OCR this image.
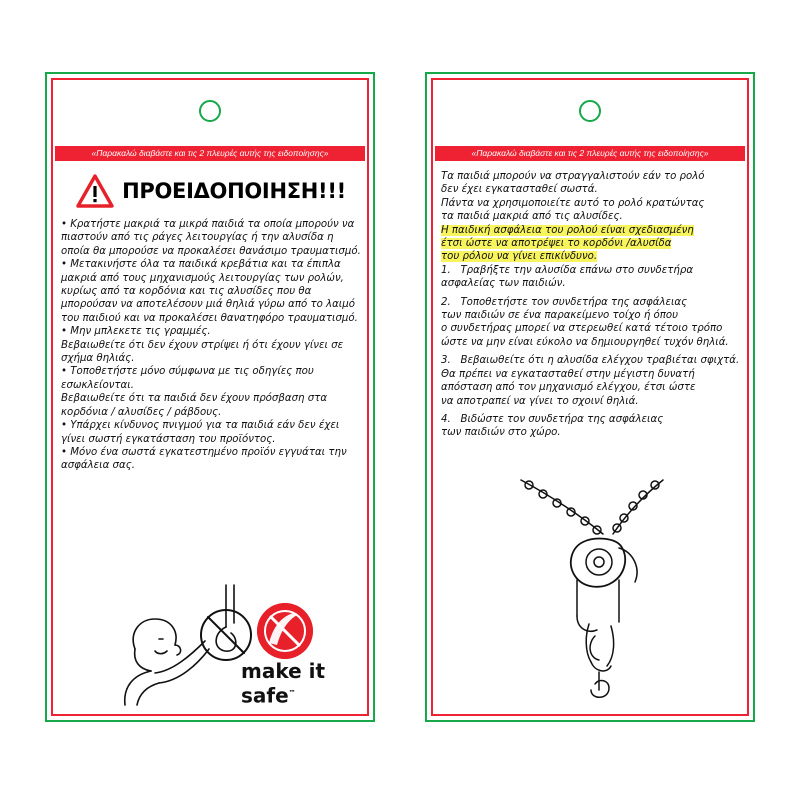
«Παρακαλώ διαβάστε και τις 2 πλευρές αυτής της ειδοποίησης»
ΠΡΟΕΙΔΟΠΟΙΗΣΗ!!!
• Κρατήστε μακριά τα μικρά παιδιά τα οποία μπορούν να πιαστούν από τις ράγες λειτουργίας ή την αλυσίδα η οποία θα μπορούσε να προκαλέσει θανάσιμο τραυματισμό.
• Μετακινήστε όλα τα παιδικά κρεβάτια και τα έπιπλα μακριά από τους μηχανισμούς λειτουργίας των ρολών, κυρίως από τα κορδόνια και τις αλυσίδες που θα μπορούσαν να αποτελέσουν μιά θηλιά γύρω από το λαιμό του παιδιού και να προκαλέσει θανατηφόρο τραυματισμό.
• Μην μπλεκετε τις γραμμές.
Βεβαιωθείτε ότι δεν έχουν στρίψει ή ότι έχουν γίνει σε σχήμα θηλιάς.
• Τοποθετήστε μόνο σύμφωνα με τις οδηγίες που εσωκλείονται.
Βεβαιωθείτε ότι τα παιδιά δεν έχουν πρόσβαση στα κορδόνια / αλυσίδες / ράβδους.
• Υπάρχει κίνδυνος πνιγμού για τα παιδιά εάν δεν έχει γίνει σωστή εγκατάσταση του προϊόντος.
• Μόνο ένα σωστά εγκατεστημένο προϊόν εγγυάται την ασφάλεια σας.
make it
safe™
«Παρακαλώ διαβάστε και τις 2 πλευρές αυτής της ειδοποίησης»
Τα παιδιά μπορούν να στραγγαλιστούν εάν το ρολό
δεν έχει εγκατασταθεί σωστά.
Πάντα να χρησιμοποιείτε αυτό το ρολό κρατώντας
τα παιδιά μακριά από τις αλυσίδες.
Η παιδική ασφάλεια του ρολού είναι σχεδιασμένη
έτσι ώστε να αποτρέψει το κορδόνι /αλυσίδα
του ρόλου να γίνει επικίνδυνο.
1. Τραβήξτε την αλυσίδα επάνω στο συνδετήρα
ασφαλείας των παιδιών.
2. Τοποθετήστε τον συνδετήρα της ασφάλειας
των παιδιών σε ένα παρακείμενο τοίχο ή όπου
ο συνδετήρας μπορεί να στερεωθεί κατά τέτοιο τρόπο
ώστε να μην είναι εύκολο να δημιουργηθεί τυχόν θηλιά.
3. Βεβαιωθείτε ότι η αλυσίδα ελέγχου τραβιέται σφιχτά.
Θα πρέπει να εγκατασταθεί στην μέγιστη δυνατή
απόσταση από τον μηχανισμό ελέγχου, έτσι ώστε
να αποτραπεί να γίνει το σχοινί θηλιά.
4. Βιδώστε τον συνδετήρα της ασφάλειας
των παιδιών στο χώρο.
